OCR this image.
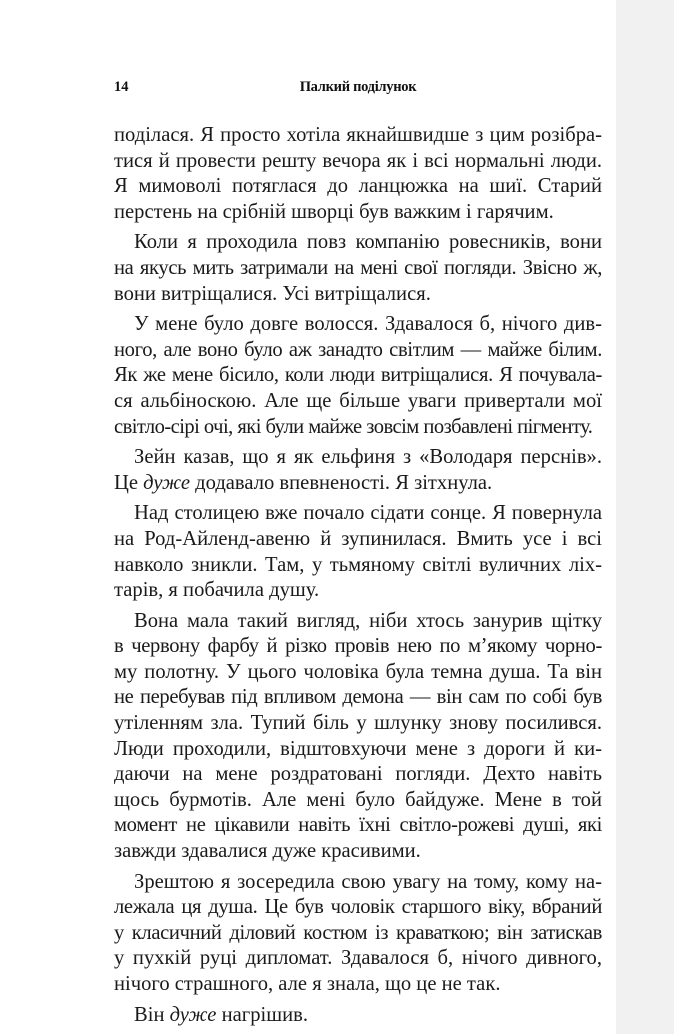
14	Палкий поділунок

поділася. Я просто хотіла якнайшвидше з цим розібра-
тися й провести решту вечора як і всі нормальні люди.
Я мимоволі потяглася до ланцюжка на шиї. Старий
перстень на срібній шворці був важким і гарячим.

Коли я проходила повз компанію ровесників, вони
на якусь мить затримали на мені свої погляди. Звісно ж,
вони витріщалися. Усі витріщалися.

У мене було довге волосся. Здавалося б, нічого див-
ного, але воно було аж занадто світлим — майже білим.
Як же мене бісило, коли люди витріщалися. Я почувала-
ся альбіноскою. Але ще більше уваги привертали мої
світло-сірі очі, які були майже зовсім позбавлені пігменту.

Зейн казав, що я як ельфиня з «Володаря перснів».
Це дуже додавало впевненості. Я зітхнула.

Над столицею вже почало сідати сонце. Я повернула
на Род-Айленд-авеню й зупинилася. Вмить усе і всі
навколо зникли. Там, у тьмяному світлі вуличних ліх-
тарів, я побачила душу.

Вона мала такий вигляд, ніби хтось занурив щітку
в червону фарбу й різко провів нею по м’якому чорно-
му полотну. У цього чоловіка була темна душа. Та він
не перебував під впливом демона — він сам по собі був
утіленням зла. Тупий біль у шлунку знову посилився.
Люди проходили, відштовхуючи мене з дороги й ки-
даючи на мене роздратовані погляди. Дехто навіть
щось бурмотів. Але мені було байдуже. Мене в той
момент не цікавили навіть їхні світло-рожеві душі, які
завжди здавалися дуже красивими.

Зрештою я зосередила свою увагу на тому, кому на-
лежала ця душа. Це був чоловік старшого віку, вбраний
у класичний діловий костюм із краваткою; він затискав
у пухкій руці дипломат. Здавалося б, нічого дивного,
нічого страшного, але я знала, що це не так.

Він дуже нагрішив.
